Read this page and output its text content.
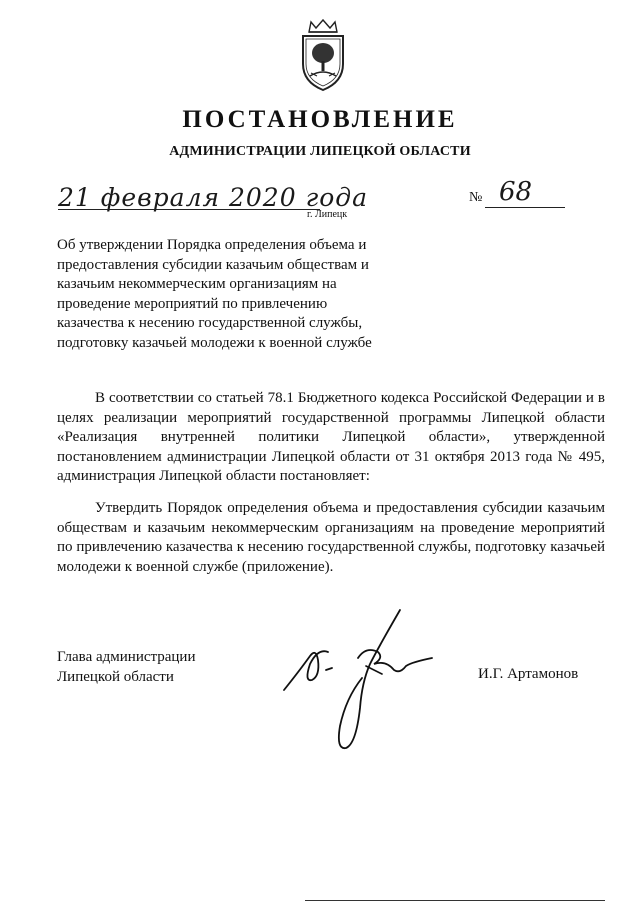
ПОСТАНОВЛЕНИЕ
АДМИНИСТРАЦИИ ЛИПЕЦКОЙ ОБЛАСТИ
21 февраля 2020 года
г. Липецк
№ 68
Об утверждении Порядка определения объема и предоставления субсидии казачьим обществам и казачьим некоммерческим организациям на проведение мероприятий по привлечению казачества к несению государственной службы, подготовку казачьей молодежи к военной службе
В соответствии со статьей 78.1 Бюджетного кодекса Российской Федерации и в целях реализации мероприятий государственной программы Липецкой области «Реализация внутренней политики Липецкой области», утвержденной постановлением администрации Липецкой области от 31 октября 2013 года № 495, администрация Липецкой области постановляет:
Утвердить Порядок определения объема и предоставления субсидии казачьим обществам и казачьим некоммерческим организациям на проведение мероприятий по привлечению казачества к несению государственной службы, подготовку казачьей молодежи к военной службе (приложение).
Глава администрации
Липецкой области	И.Г. Артамонов
